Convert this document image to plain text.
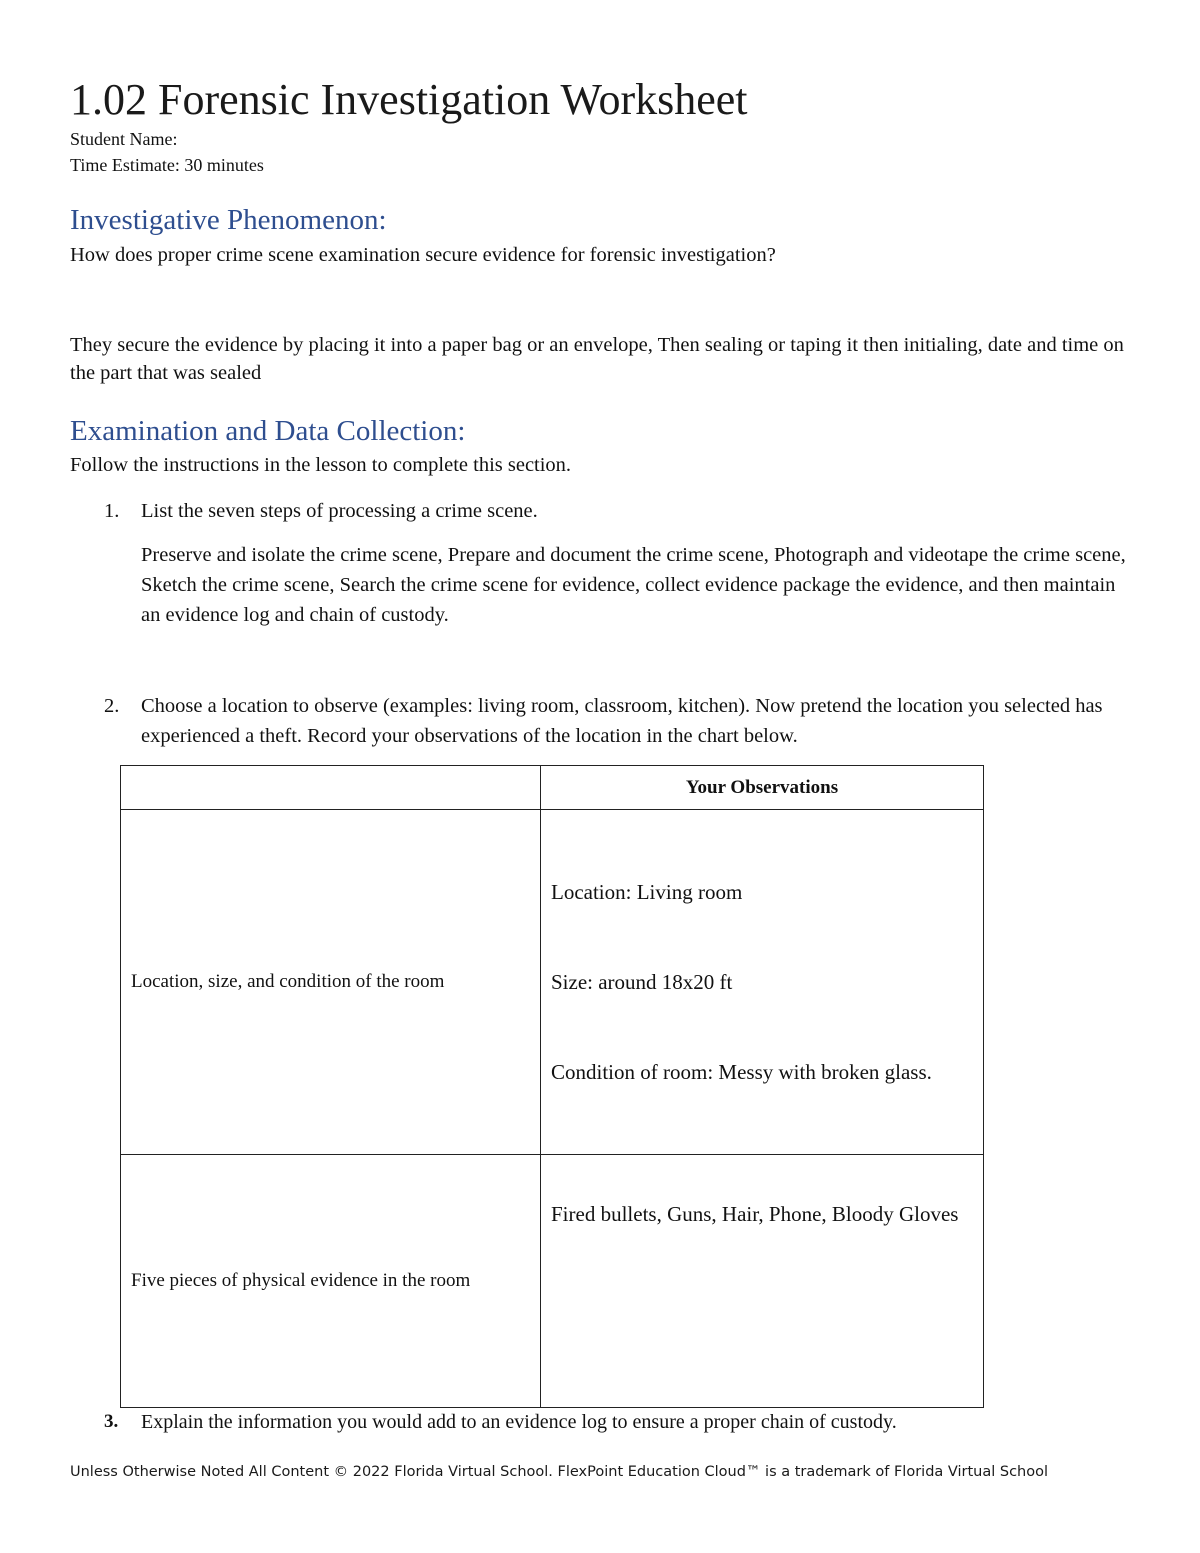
1.02 Forensic Investigation Worksheet
Student Name:
Time Estimate: 30 minutes
Investigative Phenomenon:
How does proper crime scene examination secure evidence for forensic investigation?
They secure the evidence by placing it into a paper bag or an envelope, Then sealing or taping it then initialing, date and time on the part that was sealed
Examination and Data Collection:
Follow the instructions in the lesson to complete this section.
1. List the seven steps of processing a crime scene.
Preserve and isolate the crime scene, Prepare and document the crime scene, Photograph and videotape the crime scene, Sketch the crime scene, Search the crime scene for evidence, collect evidence package the evidence, and then maintain an evidence log and chain of custody.
2. Choose a location to observe (examples: living room, classroom, kitchen). Now pretend the location you selected has experienced a theft. Record your observations of the location in the chart below.
	Your Observations
Location, size, and condition of the room	Location: Living room

Size: around 18x20 ft

Condition of room: Messy with broken glass.

Five pieces of physical evidence in the room	Fired bullets, Guns, Hair, Phone, Bloody Gloves

3. Explain the information you would add to an evidence log to ensure a proper chain of custody.
Unless Otherwise Noted All Content © 2022 Florida Virtual School. FlexPoint Education Cloud™ is a trademark of Florida Virtual School
